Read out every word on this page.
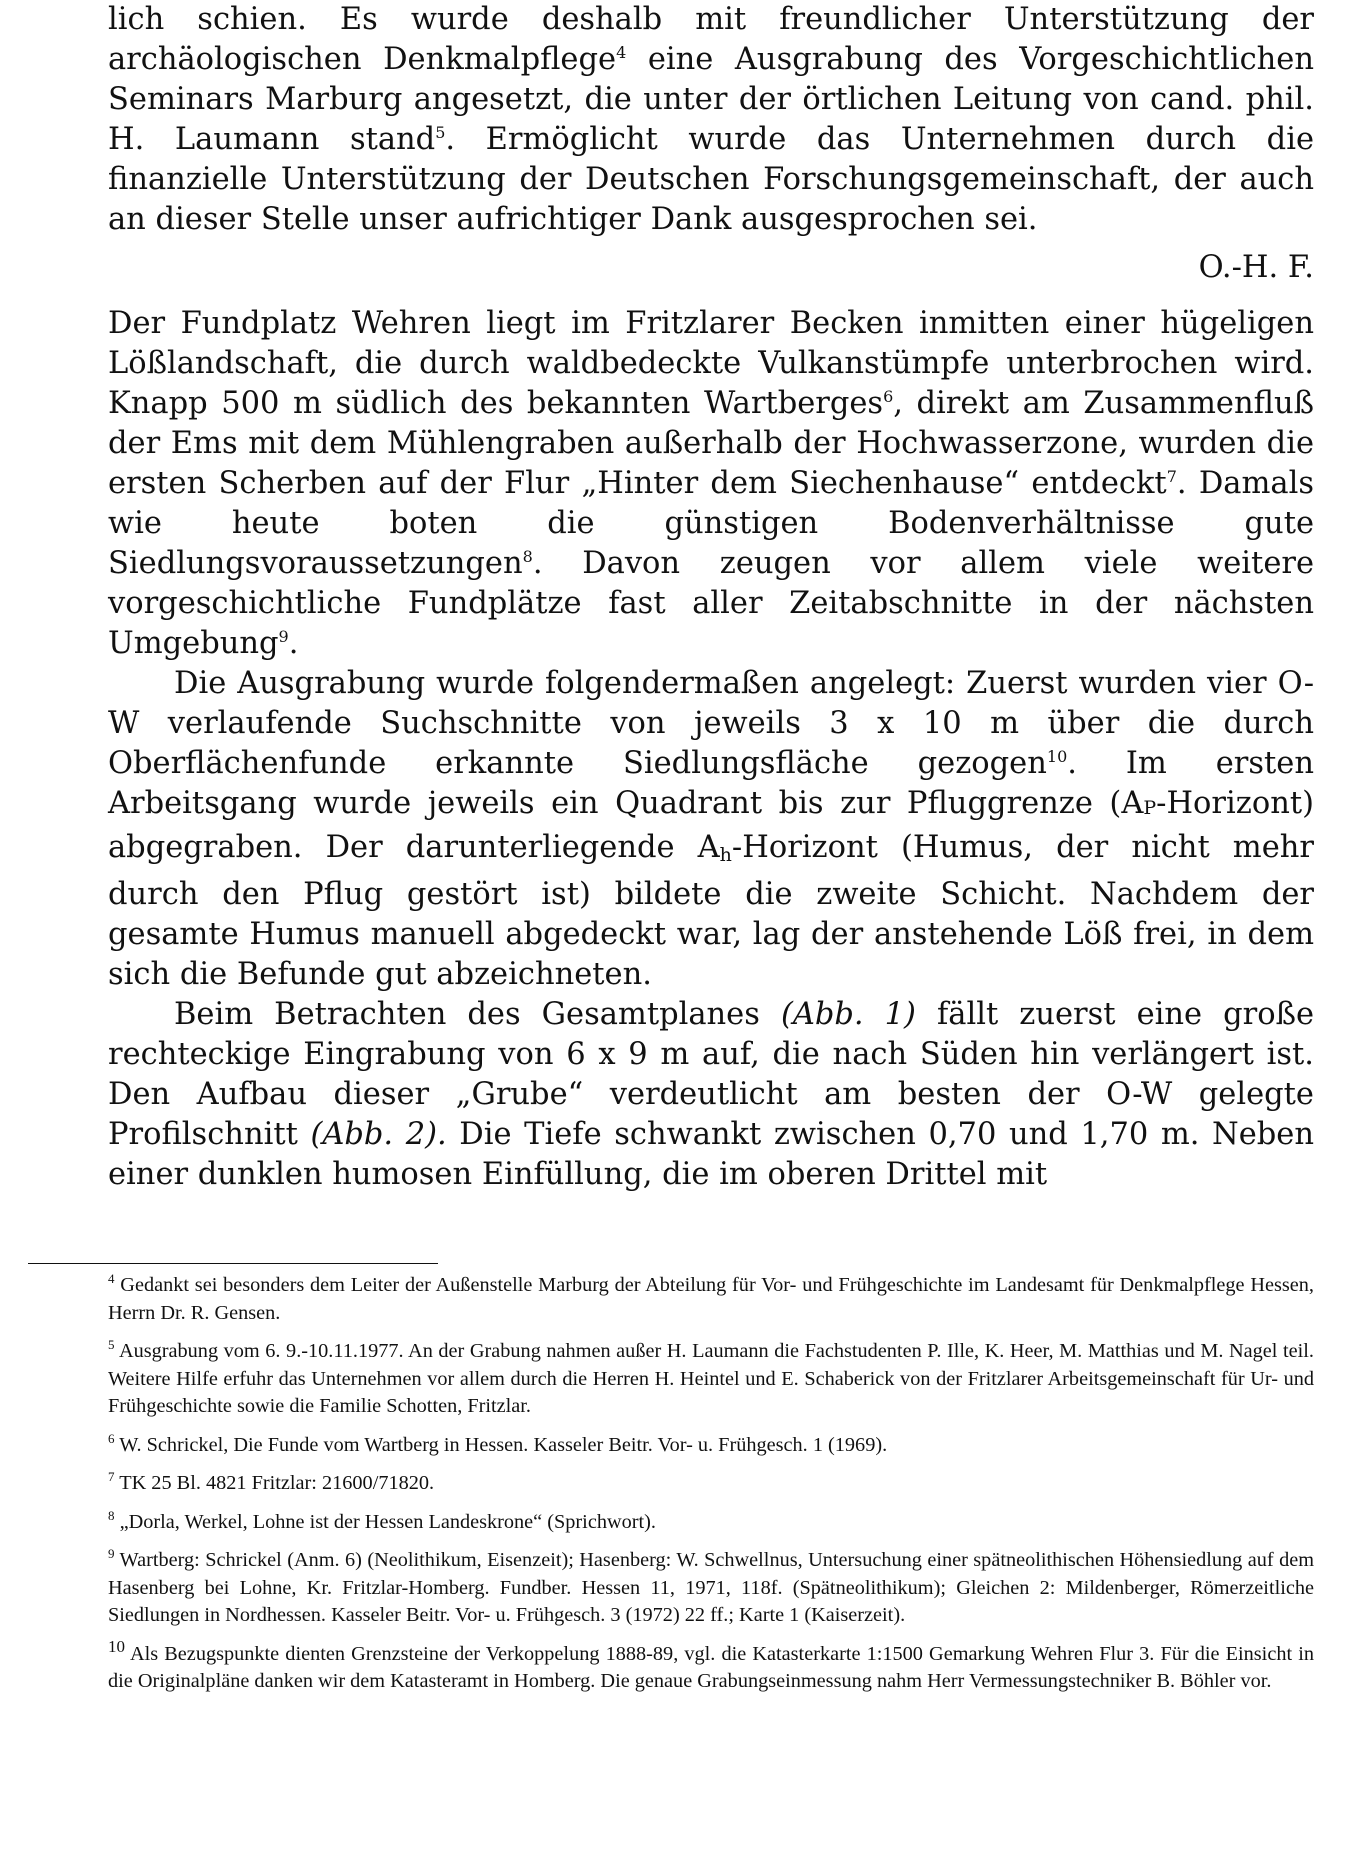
lich schien. Es wurde deshalb mit freundlicher Unterstützung der archäologischen Denkmalpflege$^4$ eine Ausgrabung des Vorgeschichtlichen Seminars Marburg angesetzt, die unter der örtlichen Leitung von cand. phil. H. Laumann stand$^5$. Ermöglicht wurde das Unternehmen durch die finanzielle Unterstützung der Deutschen Forschungsgemeinschaft, der auch an dieser Stelle unser aufrichtiger Dank ausgesprochen sei.

O.-H. F.

Der Fundplatz Wehren liegt im Fritzlarer Becken inmitten einer hügeligen Lößlandschaft, die durch waldbedeckte Vulkanstümpfe unterbrochen wird. Knapp 500 m südlich des bekannten Wartberges$^6$, direkt am Zusammenfluß der Ems mit dem Mühlengraben außerhalb der Hochwasserzone, wurden die ersten Scherben auf der Flur „Hinter dem Siechenhause“ entdeckt$^7$. Damals wie heute boten die günstigen Bodenverhältnisse gute Siedlungsvoraussetzungen$^8$. Davon zeugen vor allem viele weitere vorgeschichtliche Fundplätze fast aller Zeitabschnitte in der nächsten Umgebung$^9$.

Die Ausgrabung wurde folgendermaßen angelegt: Zuerst wurden vier O-W verlaufende Suchschnitte von jeweils 3 x 10 m über die durch Oberflächenfunde erkannte Siedlungsfläche gezogen$^{10}$. Im ersten Arbeitsgang wurde jeweils ein Quadrant bis zur Pfluggrenze (AP-Horizont) abgegraben. Der darunterliegende $A_h$-Horizont (Humus, der nicht mehr durch den Pflug gestört ist) bildete die zweite Schicht. Nachdem der gesamte Humus manuell abgedeckt war, lag der anstehende Löß frei, in dem sich die Befunde gut abzeichneten.

Beim Betrachten des Gesamtplanes (Abb. 1) fällt zuerst eine große rechteckige Eingrabung von 6 x 9 m auf, die nach Süden hin verlängert ist. Den Aufbau dieser „Grube“ verdeutlicht am besten der O-W gelegte Profilschnitt (Abb. 2). Die Tiefe schwankt zwischen 0,70 und 1,70 m. Neben einer dunklen humosen Einfüllung, die im oberen Drittel mit

$^4$ Gedankt sei besonders dem Leiter der Außenstelle Marburg der Abteilung für Vor- und Frühgeschichte im Landesamt für Denkmalpflege Hessen, Herrn Dr. R. Gensen.

$^5$ Ausgrabung vom 6. 9.-10.11.1977. An der Grabung nahmen außer H. Laumann die Fachstudenten P. Ille, K. Heer, M. Matthias und M. Nagel teil. Weitere Hilfe erfuhr das Unternehmen vor allem durch die Herren H. Heintel und E. Schaberick von der Fritzlarer Arbeitsgemeinschaft für Ur- und Frühgeschichte sowie die Familie Schotten, Fritzlar.

$^6$ W. Schrickel, Die Funde vom Wartberg in Hessen. Kasseler Beitr. Vor- u. Frühgesch. 1 (1969).

$^7$ TK 25 Bl. 4821 Fritzlar: 21600/71820.

$^8$ „Dorla, Werkel, Lohne ist der Hessen Landeskrone“ (Sprichwort).

$^9$ Wartberg: Schrickel (Anm. 6) (Neolithikum, Eisenzeit); Hasenberg: W. Schwellnus, Untersuchung einer spätneolithischen Höhensiedlung auf dem Hasenberg bei Lohne, Kr. Fritzlar-Homberg. Fundber. Hessen 11, 1971, 118f. (Spätneolithikum); Gleichen 2: Mildenberger, Römerzeitliche Siedlungen in Nordhessen. Kasseler Beitr. Vor- u. Frühgesch. 3 (1972) 22 ff.; Karte 1 (Kaiserzeit).

$^{10}$ Als Bezugspunkte dienten Grenzsteine der Verkoppelung 1888-89, vgl. die Katasterkarte 1:1500 Gemarkung Wehren Flur 3. Für die Einsicht in die Originalpläne danken wir dem Katasteramt in Homberg. Die genaue Grabungseinmessung nahm Herr Vermessungstechniker B. Böhler vor.
